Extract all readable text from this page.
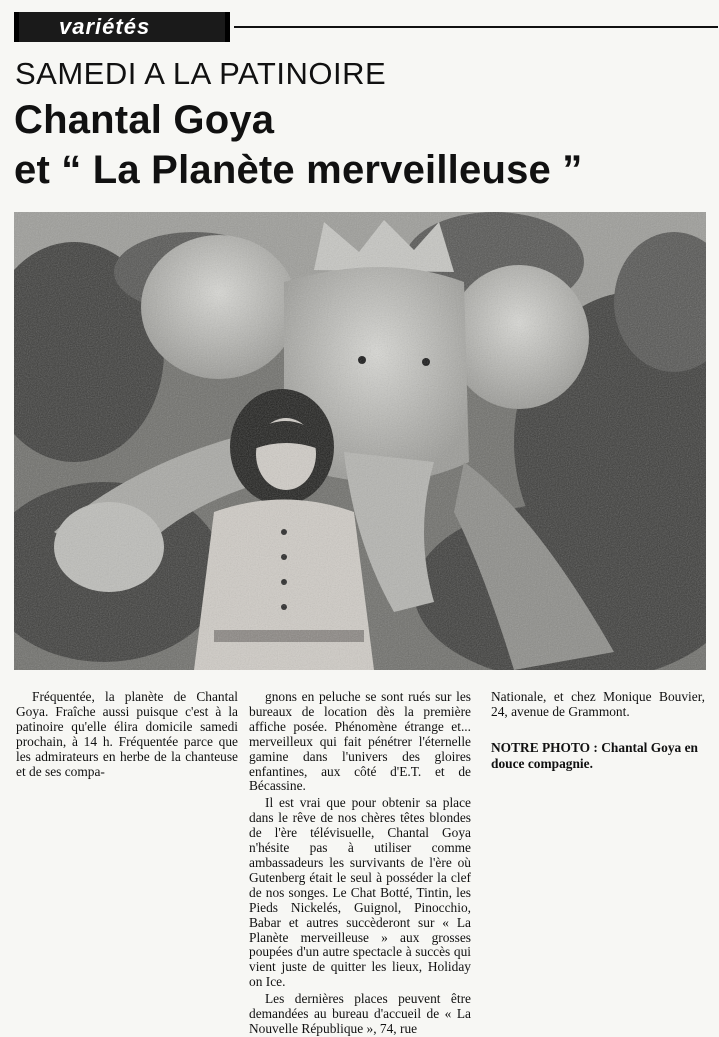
variétés
SAMEDI A LA PATINOIRE
Chantal Goya
et “ La Planète merveilleuse ”

Fréquentée, la planète de Chantal Goya. Fraîche aussi puisque c'est à la patinoire qu'elle élira domicile samedi prochain, à 14 h. Fréquentée parce que les admirateurs en herbe de la chanteuse et de ses compa-

gnons en peluche se sont rués sur les bureaux de location dès la première affiche posée. Phénomène étrange et... merveilleux qui fait pénétrer l'éternelle gamine dans l'univers des gloires enfantines, aux côté d'E.T. et de Bécassine.

Il est vrai que pour obtenir sa place dans le rêve de nos chères têtes blondes de l'ère télévisuelle, Chantal Goya n'hésite pas à utiliser comme ambassadeurs les survivants de l'ère où Gutenberg était le seul à posséder la clef de nos songes. Le Chat Botté, Tintin, les Pieds Nickelés, Guignol, Pinocchio, Babar et autres succèderont sur « La Planète merveilleuse » aux grosses poupées d'un autre spectacle à succès qui vient juste de quitter les lieux, Holiday on Ice.

Les dernières places peuvent être demandées au bureau d'accueil de « La Nouvelle République », 74, rue

Nationale, et chez Monique Bouvier, 24, avenue de Grammont.

NOTRE PHOTO : Chantal Goya en douce compagnie.
